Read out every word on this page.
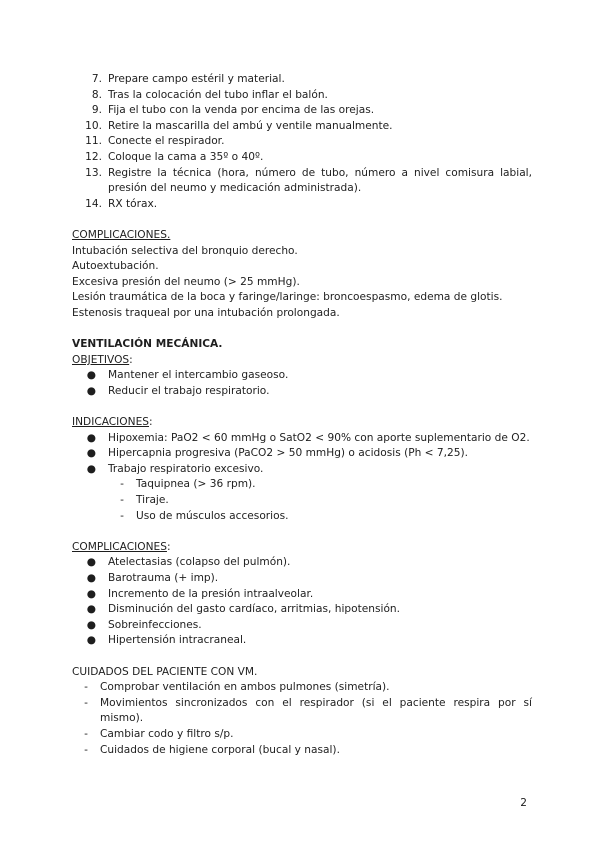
7. Prepare campo estéril y material.
8. Tras la colocación del tubo inflar el balón.
9. Fija el tubo con la venda por encima de las orejas.
10. Retire la mascarilla del ambú y ventile manualmente.
11. Conecte el respirador.
12. Coloque la cama a 35º o 40º.
13. Registre la técnica (hora, número de tubo, número a nivel comisura labial, presión del neumo y medicación administrada).
14. RX tórax.

COMPLICACIONES.

Intubación selectiva del bronquio derecho.

Autoextubación.

Excesiva presión del neumo (> 25 mmHg).

Lesión traumática de la boca y faringe/laringe: broncoespasmo, edema de glotis.

Estenosis traqueal por una intubación prolongada.

VENTILACIÓN MECÁNICA.

OBJETIVOS:

●	Mantener el intercambio gaseoso.
●	Reducir el trabajo respiratorio.

INDICACIONES:

●	Hipoxemia: PaO2 < 60 mmHg o SatO2 < 90% con aporte suplementario de O2.
●	Hipercapnia progresiva (PaCO2 > 50 mmHg) o acidosis (Ph < 7,25).
●	Trabajo respiratorio excesivo.
-	Taquipnea (> 36 rpm).
-	Tiraje.
-	Uso de músculos accesorios.

COMPLICACIONES:

●	Atelectasias (colapso del pulmón).
●	Barotrauma (+ imp).
●	Incremento de la presión intraalveolar.
●	Disminución del gasto cardíaco, arritmias, hipotensión.
●	Sobreinfecciones.
●	Hipertensión intracraneal.

CUIDADOS DEL PACIENTE CON VM.

-	Comprobar ventilación en ambos pulmones (simetría).
-	Movimientos sincronizados con el respirador (si el paciente respira por sí mismo).
-	Cambiar codo y filtro s/p.
-	Cuidados de higiene corporal (bucal y nasal).
2
